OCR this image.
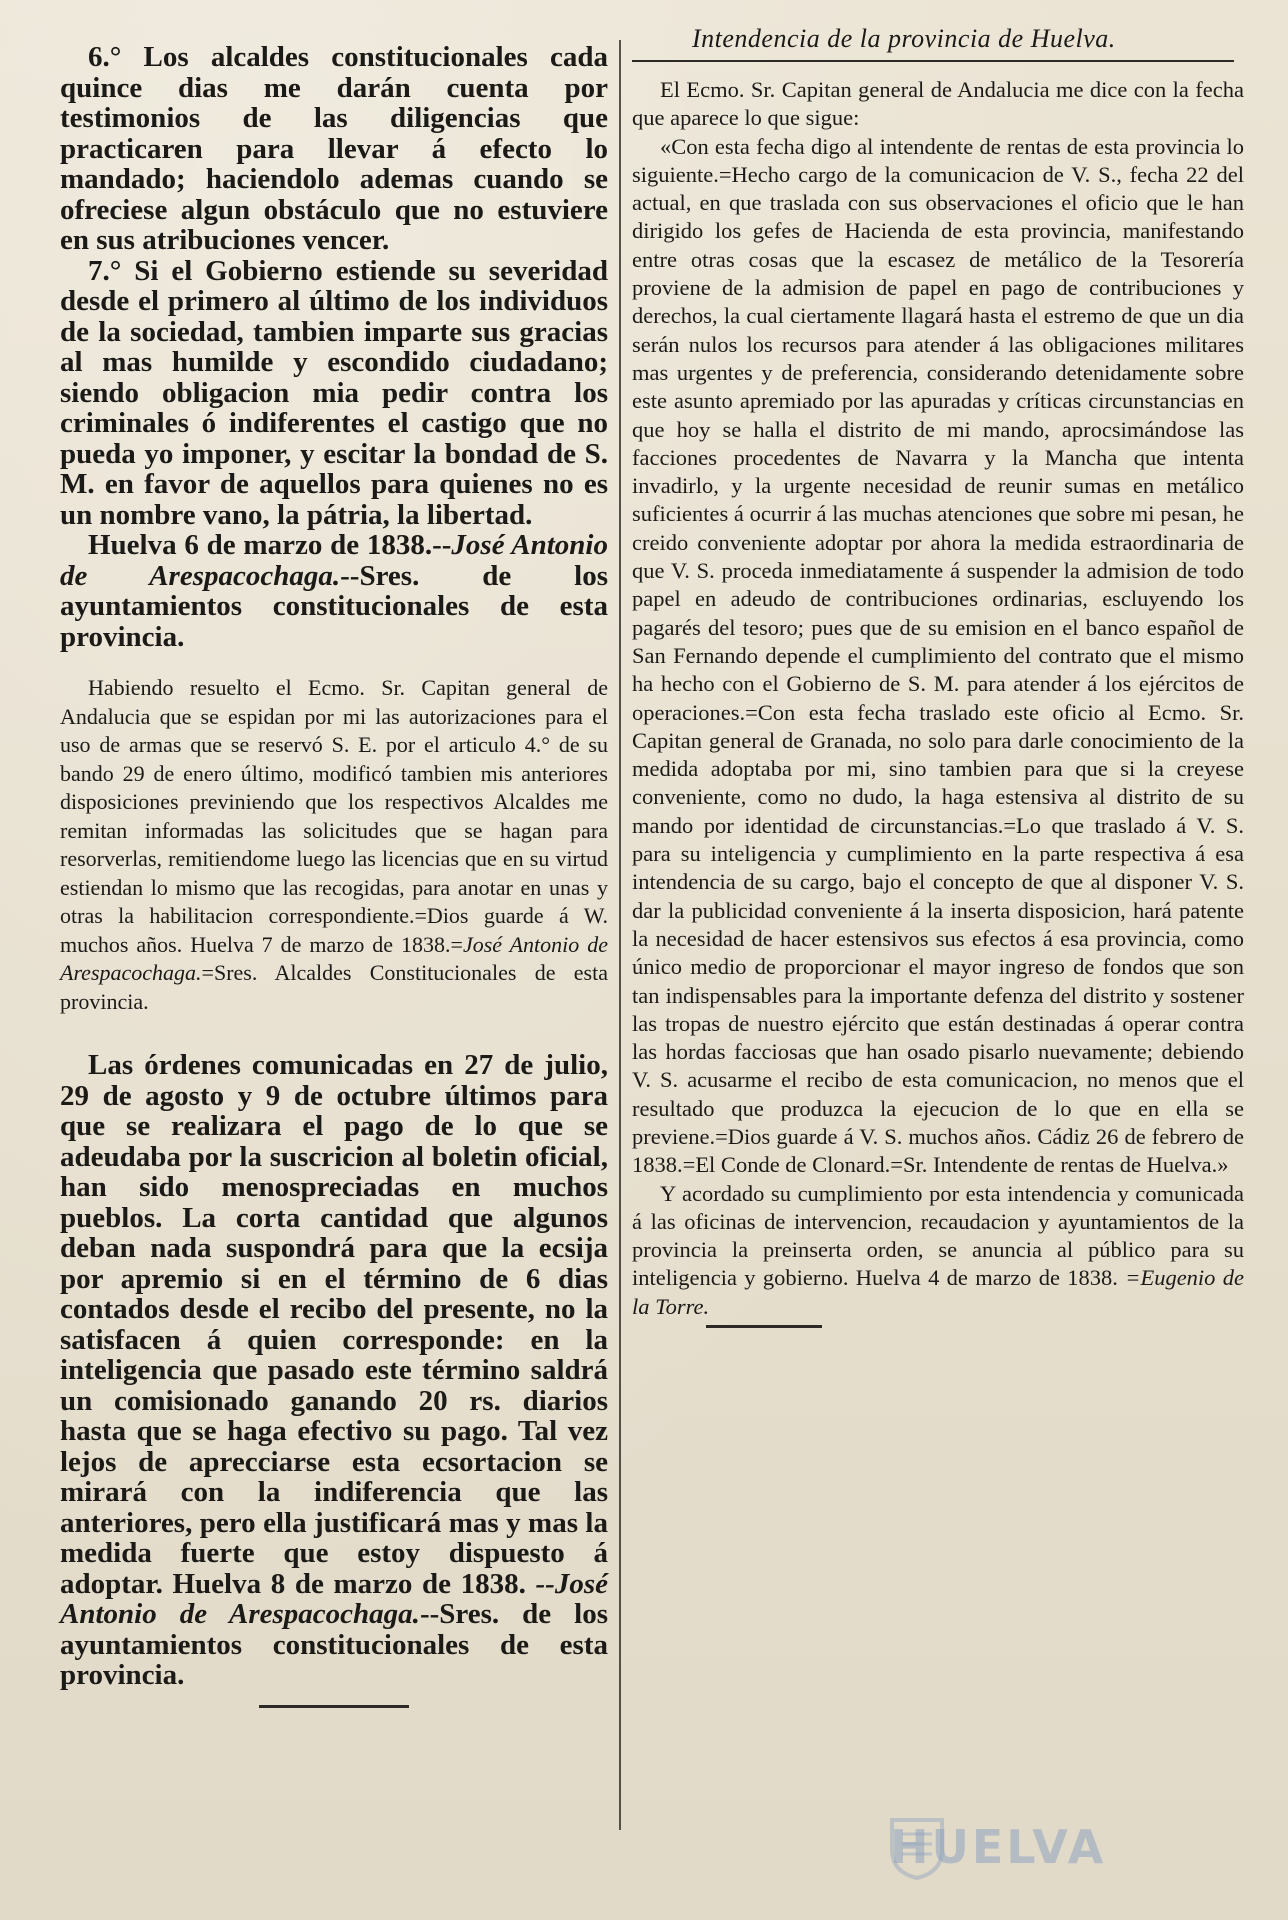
6.° Los alcaldes constitucionales cada quince dias me darán cuenta por testimonios de las diligencias que practicaren para llevar á efecto lo mandado; haciendolo ademas cuando se ofreciese algun obstáculo que no estuviere en sus atribuciones vencer.

7.° Si el Gobierno estiende su severidad desde el primero al último de los individuos de la sociedad, tambien imparte sus gracias al mas humilde y escondido ciudadano; siendo obligacion mia pedir contra los criminales ó indiferentes el castigo que no pueda yo imponer, y escitar la bondad de S. M. en favor de aquellos para quienes no es un nombre vano, la pátria, la libertad.

Huelva 6 de marzo de 1838.--José Antonio de Arespacochaga.--Sres. de los ayuntamientos constitucionales de esta provincia.

Habiendo resuelto el Ecmo. Sr. Capitan general de Andalucia que se espidan por mi las autorizaciones para el uso de armas que se reservó S. E. por el articulo 4.° de su bando 29 de enero último, modificó tambien mis anteriores disposiciones previniendo que los respectivos Alcaldes me remitan informadas las solicitudes que se hagan para resorverlas, remitiendome luego las licencias que en su virtud estiendan lo mismo que las recogidas, para anotar en unas y otras la habilitacion correspondiente.=Dios guarde á W. muchos años. Huelva 7 de marzo de 1838.=José Antonio de Arespacochaga.=Sres. Alcaldes Constitucionales de esta provincia.

Las órdenes comunicadas en 27 de julio, 29 de agosto y 9 de octubre últimos para que se realizara el pago de lo que se adeudaba por la suscricion al boletin oficial, han sido menospreciadas en muchos pueblos. La corta cantidad que algunos deban nada suspondrá para que la ecsija por apremio si en el término de 6 dias contados desde el recibo del presente, no la satisfacen á quien corresponde: en la inteligencia que pasado este término saldrá un comisionado ganando 20 rs. diarios hasta que se haga efectivo su pago. Tal vez lejos de aprecciarse esta ecsortacion se mirará con la indiferencia que las anteriores, pero ella justificará mas y mas la medida fuerte que estoy dispuesto á adoptar. Huelva 8 de marzo de 1838. --José Antonio de Arespacochaga.--Sres. de los ayuntamientos constitucionales de esta provincia.

Intendencia de la provincia de Huelva.

El Ecmo. Sr. Capitan general de Andalucia me dice con la fecha que aparece lo que sigue:

«Con esta fecha digo al intendente de rentas de esta provincia lo siguiente.=Hecho cargo de la comunicacion de V. S., fecha 22 del actual, en que traslada con sus observaciones el oficio que le han dirigido los gefes de Hacienda de esta provincia, manifestando entre otras cosas que la escasez de metálico de la Tesorería proviene de la admision de papel en pago de contribuciones y derechos, la cual ciertamente llagará hasta el estremo de que un dia serán nulos los recursos para atender á las obligaciones militares mas urgentes y de preferencia, considerando detenidamente sobre este asunto apremiado por las apuradas y críticas circunstancias en que hoy se halla el distrito de mi mando, aprocsimándose las facciones procedentes de Navarra y la Mancha que intenta invadirlo, y la urgente necesidad de reunir sumas en metálico suficientes á ocurrir á las muchas atenciones que sobre mi pesan, he creido conveniente adoptar por ahora la medida estraordinaria de que V. S. proceda inmediatamente á suspender la admision de todo papel en adeudo de contribuciones ordinarias, escluyendo los pagarés del tesoro; pues que de su emision en el banco español de San Fernando depende el cumplimiento del contrato que el mismo ha hecho con el Gobierno de S. M. para atender á los ejércitos de operaciones.=Con esta fecha traslado este oficio al Ecmo. Sr. Capitan general de Granada, no solo para darle conocimiento de la medida adoptaba por mi, sino tambien para que si la creyese conveniente, como no dudo, la haga estensiva al distrito de su mando por identidad de circunstancias.=Lo que traslado á V. S. para su inteligencia y cumplimiento en la parte respectiva á esa intendencia de su cargo, bajo el concepto de que al disponer V. S. dar la publicidad conveniente á la inserta disposicion, hará patente la necesidad de hacer estensivos sus efectos á esa provincia, como único medio de proporcionar el mayor ingreso de fondos que son tan indispensables para la importante defenza del distrito y sostener las tropas de nuestro ejército que están destinadas á operar contra las hordas facciosas que han osado pisarlo nuevamente; debiendo V. S. acusarme el recibo de esta comunicacion, no menos que el resultado que produzca la ejecucion de lo que en ella se previene.=Dios guarde á V. S. muchos años. Cádiz 26 de febrero de 1838.=El Conde de Clonard.=Sr. Intendente de rentas de Huelva.»

Y acordado su cumplimiento por esta intendencia y comunicada á las oficinas de intervencion, recaudacion y ayuntamientos de la provincia la preinserta orden, se anuncia al público para su inteligencia y gobierno. Huelva 4 de marzo de 1838. =Eugenio de la Torre.

HUELVA
